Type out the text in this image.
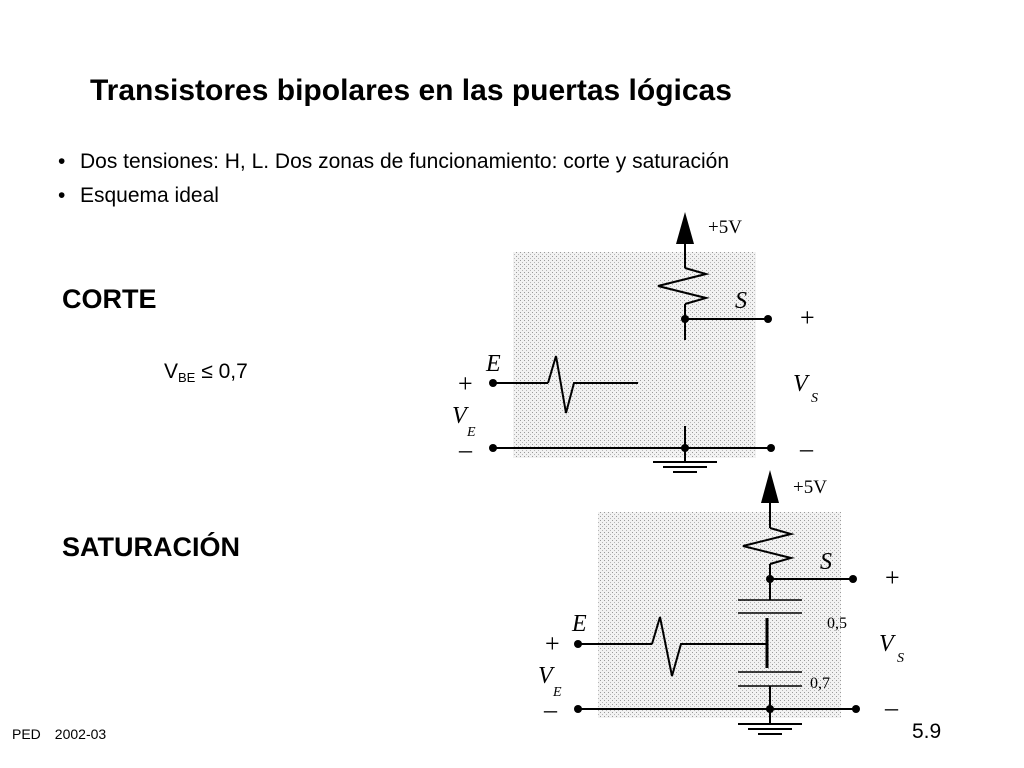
Transistores bipolares en las puertas lógicas
• Dos tensiones: H, L. Dos zonas de funcionamiento: corte y saturación
• Esquema ideal
CORTE
$V_{BE} \le 0,7$
SATURACIÓN
+5V
S
+
E
+
V
E
–
V
S
–
+5V
S
+
E
+
V
E
–
0,5
0,7
V
S
–
PED 2002-03	5.9
